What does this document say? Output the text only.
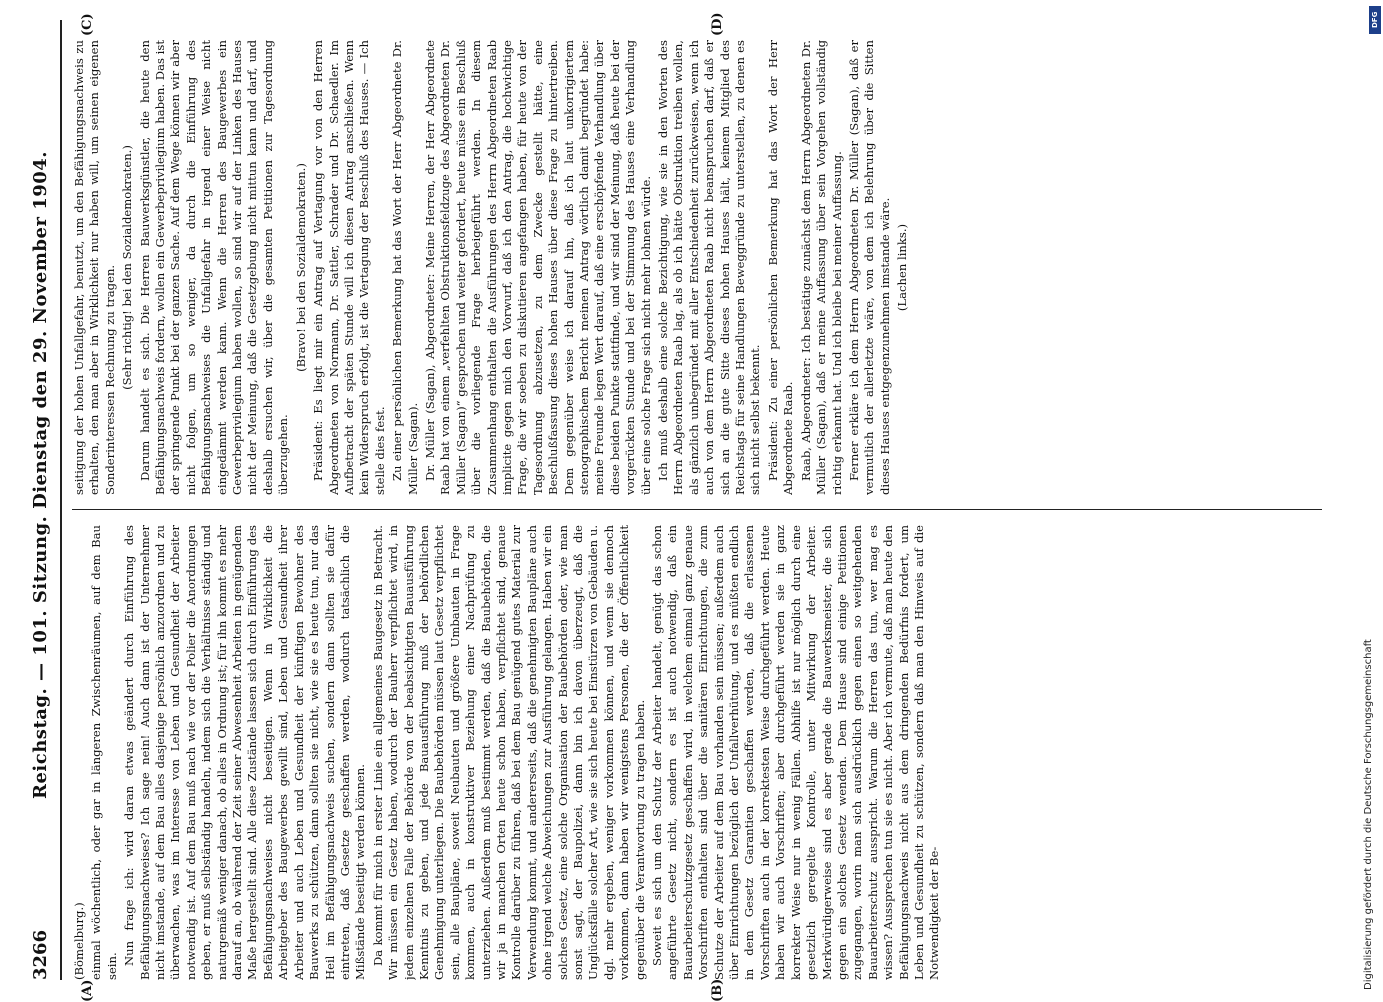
3266
Reichstag. — 101. Sitzung. Dienstag den 29. November 1904.

(Bömelburg.) einmal wöchentlich, oder gar in längeren Zwischenräumen, auf dem Bau sein.

Nun frage ich: wird daran etwas geändert durch Einführung des Befähigungsnachweises? Ich sage nein! Auch dann ist der Unternehmer nicht imstande, auf dem Bau alles dasjenige persönlich anzuordnen und zu überwachen, was im Interesse von Leben und Gesundheit der Arbeiter notwendig ist. Auf dem Bau muß nach wie vor der Polier die Anordnungen geben, er muß selbständig handeln, indem sich die Verhältnisse ständig und naturgemäß weniger danach, ob alles in Ordnung ist; für ihn kommt es mehr darauf an, ob während der Zeit seiner Abwesenheit Arbeiten in genügendem Maße hergestellt sind. Alle diese Zustände lassen sich durch Einführung des Befähigungsnachweises nicht beseitigen. Wenn in Wirklichkeit die Arbeitgeber des Baugewerbes gewillt sind, Leben und Gesundheit ihrer Arbeiter und auch Leben und Gesundheit der künftigen Bewohner des Bauwerks zu schützen, dann sollten sie nicht, wie sie es heute tun, nur das Heil im Befähigungsnachweis suchen, sondern dann sollten sie dafür eintreten, daß Gesetze geschaffen werden, wodurch tatsächlich die Mißstände beseitigt werden können. Da kommt für mich in erster Linie ein allgemeines Baugesetz in Betracht. Wir müssen ein Gesetz haben, wodurch der Bauherr verpflichtet wird, in jedem einzelnen Falle der Behörde von der beabsichtigten Bauausführung Kenntnis zu geben, und jede Bauausführung muß der behördlichen Genehmigung unterliegen. Die Baubehörden müssen laut Gesetz verpflichtet sein, alle Baupläne, soweit Neubauten und größere Umbauten in Frage kommen, auch in konstruktiver Beziehung einer Nachprüfung zu unterziehen. Außerdem muß bestimmt werden, daß die Baubehörden, die wir ja in manchen Orten heute schon haben, verpflichtet sind, genaue Kontrolle darüber zu führen, daß bei dem Bau genügend gutes Material zur Verwendung kommt, und andererseits, daß die genehmigten Baupläne auch ohne irgend welche Abweichungen zur Ausführung gelangen. Haben wir ein solches Gesetz, eine solche Organisation der Baubehörden oder, wie man sonst sagt, der Baupolizei, dann bin ich davon überzeugt, daß die Unglücksfälle solcher Art, wie sie sich heute bei Einstürzen von Gebäuden u. dgl. mehr ergeben, weniger vorkommen können, und wenn sie dennoch vorkommen, dann haben wir wenigstens Personen, die der Öffentlichkeit gegenüber die Verantwortung zu tragen haben. Soweit es sich um den Schutz der Arbeiter handelt, genügt das schon angeführte Gesetz nicht, sondern es ist auch notwendig, daß ein Bauarbeiterschutzgesetz geschaffen wird, in welchem einmal ganz genaue Vorschriften enthalten sind über die sanitären Einrichtungen, die zum Schutze der Arbeiter auf dem Bau vorhanden sein müssen; außerdem auch über Einrichtungen bezüglich der Unfallverhütung, und es müßten endlich in dem Gesetz Garantien geschaffen werden, daß die erlassenen Vorschriften auch in der korrektesten Weise durchgeführt werden. Heute haben wir auch Vorschriften; aber durchgeführt werden sie in ganz korrekter Weise nur in wenig Fällen. Abhilfe ist nur möglich durch eine gesetzlich geregelte Kontrolle, unter Mitwirkung der Arbeiter. Merkwürdigerweise sind es aber gerade die Bauwerksmeister, die sich gegen ein solches Gesetz wenden. Dem Hause sind einige Petitionen zugegangen, worin man sich ausdrücklich gegen einen so weitgehenden Bauarbeiterschutz ausspricht. Warum die Herren das tun, wer mag es wissen? Aussprechen tun sie es nicht. Aber ich vermute, daß man heute den Befähigungsnachweis nicht aus dem dringenden Bedürfnis fordert, um Leben und Gesundheit zu schützen, sondern daß man den Hinweis auf die Notwendigkeit der Be-

seitigung der hohen Unfallgefahr, benutzt, um den Befähigungsnachweis zu erhalten, den man aber in Wirklichkeit nur haben will, um seinen eigenen Sonderinteressen Rechnung zu tragen. (Sehr richtig! bei den Sozialdemokraten.) Darum handelt es sich. Die Herren Bauwerksgünstler, die heute den Befähigungsnachweis fordern, wollen ein Gewerbeprivilegium haben. Das ist der springende Punkt bei der ganzen Sache. Auf dem Wege können wir aber nicht folgen, um so weniger, da durch die Einführung des Befähigungsnachweises die Unfallgefahr in irgend einer Weise nicht eingedämmt werden kann. Wenn die Herren des Baugewerbes ein Gewerbeprivilegium haben wollen, so sind wir auf der Linken des Hauses nicht der Meinung, daß die Gesetzgebung nicht mittun kann und darf, und deshalb ersuchen wir, über die gesamten Petitionen zur Tagesordnung überzugehen.

(Bravo! bei den Sozialdemokraten.) Präsident: Es liegt mir ein Antrag auf Vertagung vor von den Herren Abgeordneten von Normann, Dr. Sattler, Schrader und Dr. Schaedler. Im Aufbetracht der späten Stunde will ich diesen Antrag anschließen. Wenn kein Widerspruch erfolgt, ist die Vertagung der Beschluß des Hauses. — Ich stelle dies fest. Zu einer persönlichen Bemerkung hat das Wort der Herr Abgeordnete Dr. Müller (Sagan). Dr. Müller (Sagan), Abgeordneter: Meine Herren, der Herr Abgeordnete Raab hat von einem „verfehlten Obstruktionsfeldzuge des Abgeordneten Dr. Müller (Sagan)“ gesprochen und weiter gefordert, heute müsse ein Beschluß über die vorliegende Frage herbeigeführt werden. In diesem Zusammenhang enthalten die Ausführungen des Herrn Abgeordneten Raab implicite gegen mich den Vorwurf, daß ich den Antrag, die hochwichtige Frage, die wir soeben zu diskutieren angefangen haben, für heute von der Tagesordnung abzusetzen, zu dem Zwecke gestellt hätte, eine Beschlußfassung dieses hohen Hauses über diese Frage zu hintertreiben. Dem gegenüber weise ich darauf hin, daß ich laut unkorrigiertem stenographischem Bericht meinen Antrag wörtlich damit begründet habe: meine Freunde legen Wert darauf, daß eine erschöpfende Verhandlung über diese beiden Punkte stattfinde, und wir sind der Meinung, daß heute bei der vorgerückten Stunde und bei der Stimmung des Hauses eine Verhandlung über eine solche Frage sich nicht mehr lohnen würde. Ich muß deshalb eine solche Bezichtigung, wie sie in den Worten des Herrn Abgeordneten Raab lag, als ob ich hätte Obstruktion treiben wollen, als gänzlich unbegründet mit aller Entschiedenheit zurückweisen, wenn ich auch von dem Herrn Abgeordneten Raab nicht beanspruchen darf, daß er sich an die gute Sitte dieses hohen Hauses hält, keinem Mitglied des Reichstags für seine Handlungen Beweggründe zu unterstellen, zu denen es sich nicht selbst bekennt. Präsident: Zu einer persönlichen Bemerkung hat das Wort der Herr Abgeordnete Raab. Raab, Abgeordneter: Ich bestätige zunächst dem Herrn Abgeordneten Dr. Müller (Sagan), daß er meine Auffassung über sein Vorgehen vollständig richtig erkannt hat. Und ich bleibe bei meiner Auffassung. Ferner erkläre ich dem Herrn Abgeordneten Dr. Müller (Sagan), daß er vermutlich der allerletzte wäre, von dem ich Belehrung über die Sitten dieses Hauses entgegenzunehmen imstande wäre. (Lachen links.)

(A)	(B)
(C)	(D)
Digitalisierung gefördert durch die Deutsche Forschungsgemeinschaft
DFG
